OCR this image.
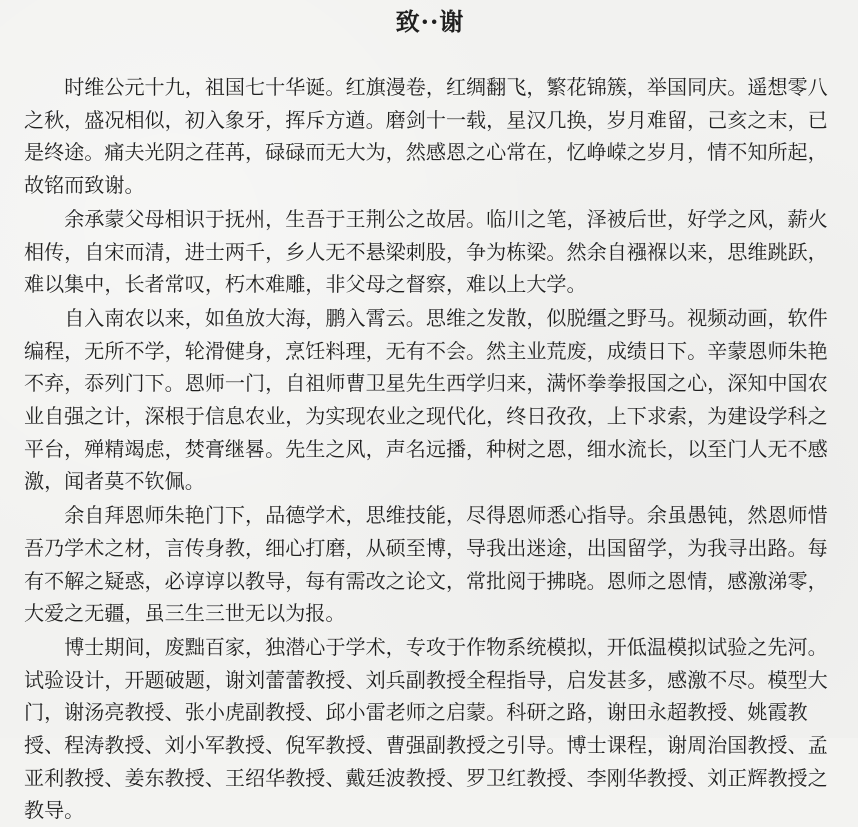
致··谢

时维公元十九，祖国七十华诞。红旗漫卷，红绸翻飞，繁花锦簇，举国同庆。遥想零八之秋，盛况相似，初入象牙，挥斥方遒。磨剑十一载，星汉几换，岁月难留，己亥之末，已是终途。痛夫光阴之荏苒，碌碌而无大为，然感恩之心常在，忆峥嵘之岁月，情不知所起，故铭而致谢。

余承蒙父母相识于抚州，生吾于王荆公之故居。临川之笔，泽被后世，好学之风，薪火相传，自宋而清，进士两千，乡人无不悬梁刺股，争为栋梁。然余自襁褓以来，思维跳跃，难以集中，长者常叹，朽木难雕，非父母之督察，难以上大学。

自入南农以来，如鱼放大海，鹏入霄云。思维之发散，似脱缰之野马。视频动画，软件编程，无所不学，轮滑健身，烹饪料理，无有不会。然主业荒废，成绩日下。辛蒙恩师朱艳不弃，忝列门下。恩师一门，自祖师曹卫星先生西学归来，满怀拳拳报国之心，深知中国农业自强之计，深根于信息农业，为实现农业之现代化，终日孜孜，上下求索，为建设学科之平台，殚精竭虑，焚膏继晷。先生之风，声名远播，种树之恩，细水流长，以至门人无不感激，闻者莫不钦佩。

余自拜恩师朱艳门下，品德学术，思维技能，尽得恩师悉心指导。余虽愚钝，然恩师惜吾乃学术之材，言传身教，细心打磨，从硕至博，导我出迷途，出国留学，为我寻出路。每有不解之疑惑，必谆谆以教导，每有需改之论文，常批阅于拂晓。恩师之恩情，感激涕零，大爱之无疆，虽三生三世无以为报。

博士期间，废黜百家，独潜心于学术，专攻于作物系统模拟，开低温模拟试验之先河。试验设计，开题破题，谢刘蕾蕾教授、刘兵副教授全程指导，启发甚多，感激不尽。模型大门，谢汤亮教授、张小虎副教授、邱小雷老师之启蒙。科研之路，谢田永超教授、姚霞教授、程涛教授、刘小军教授、倪军教授、曹强副教授之引导。博士课程，谢周治国教授、孟亚利教授、姜东教授、王绍华教授、戴廷波教授、罗卫红教授、李刚华教授、刘正辉教授之教导。
